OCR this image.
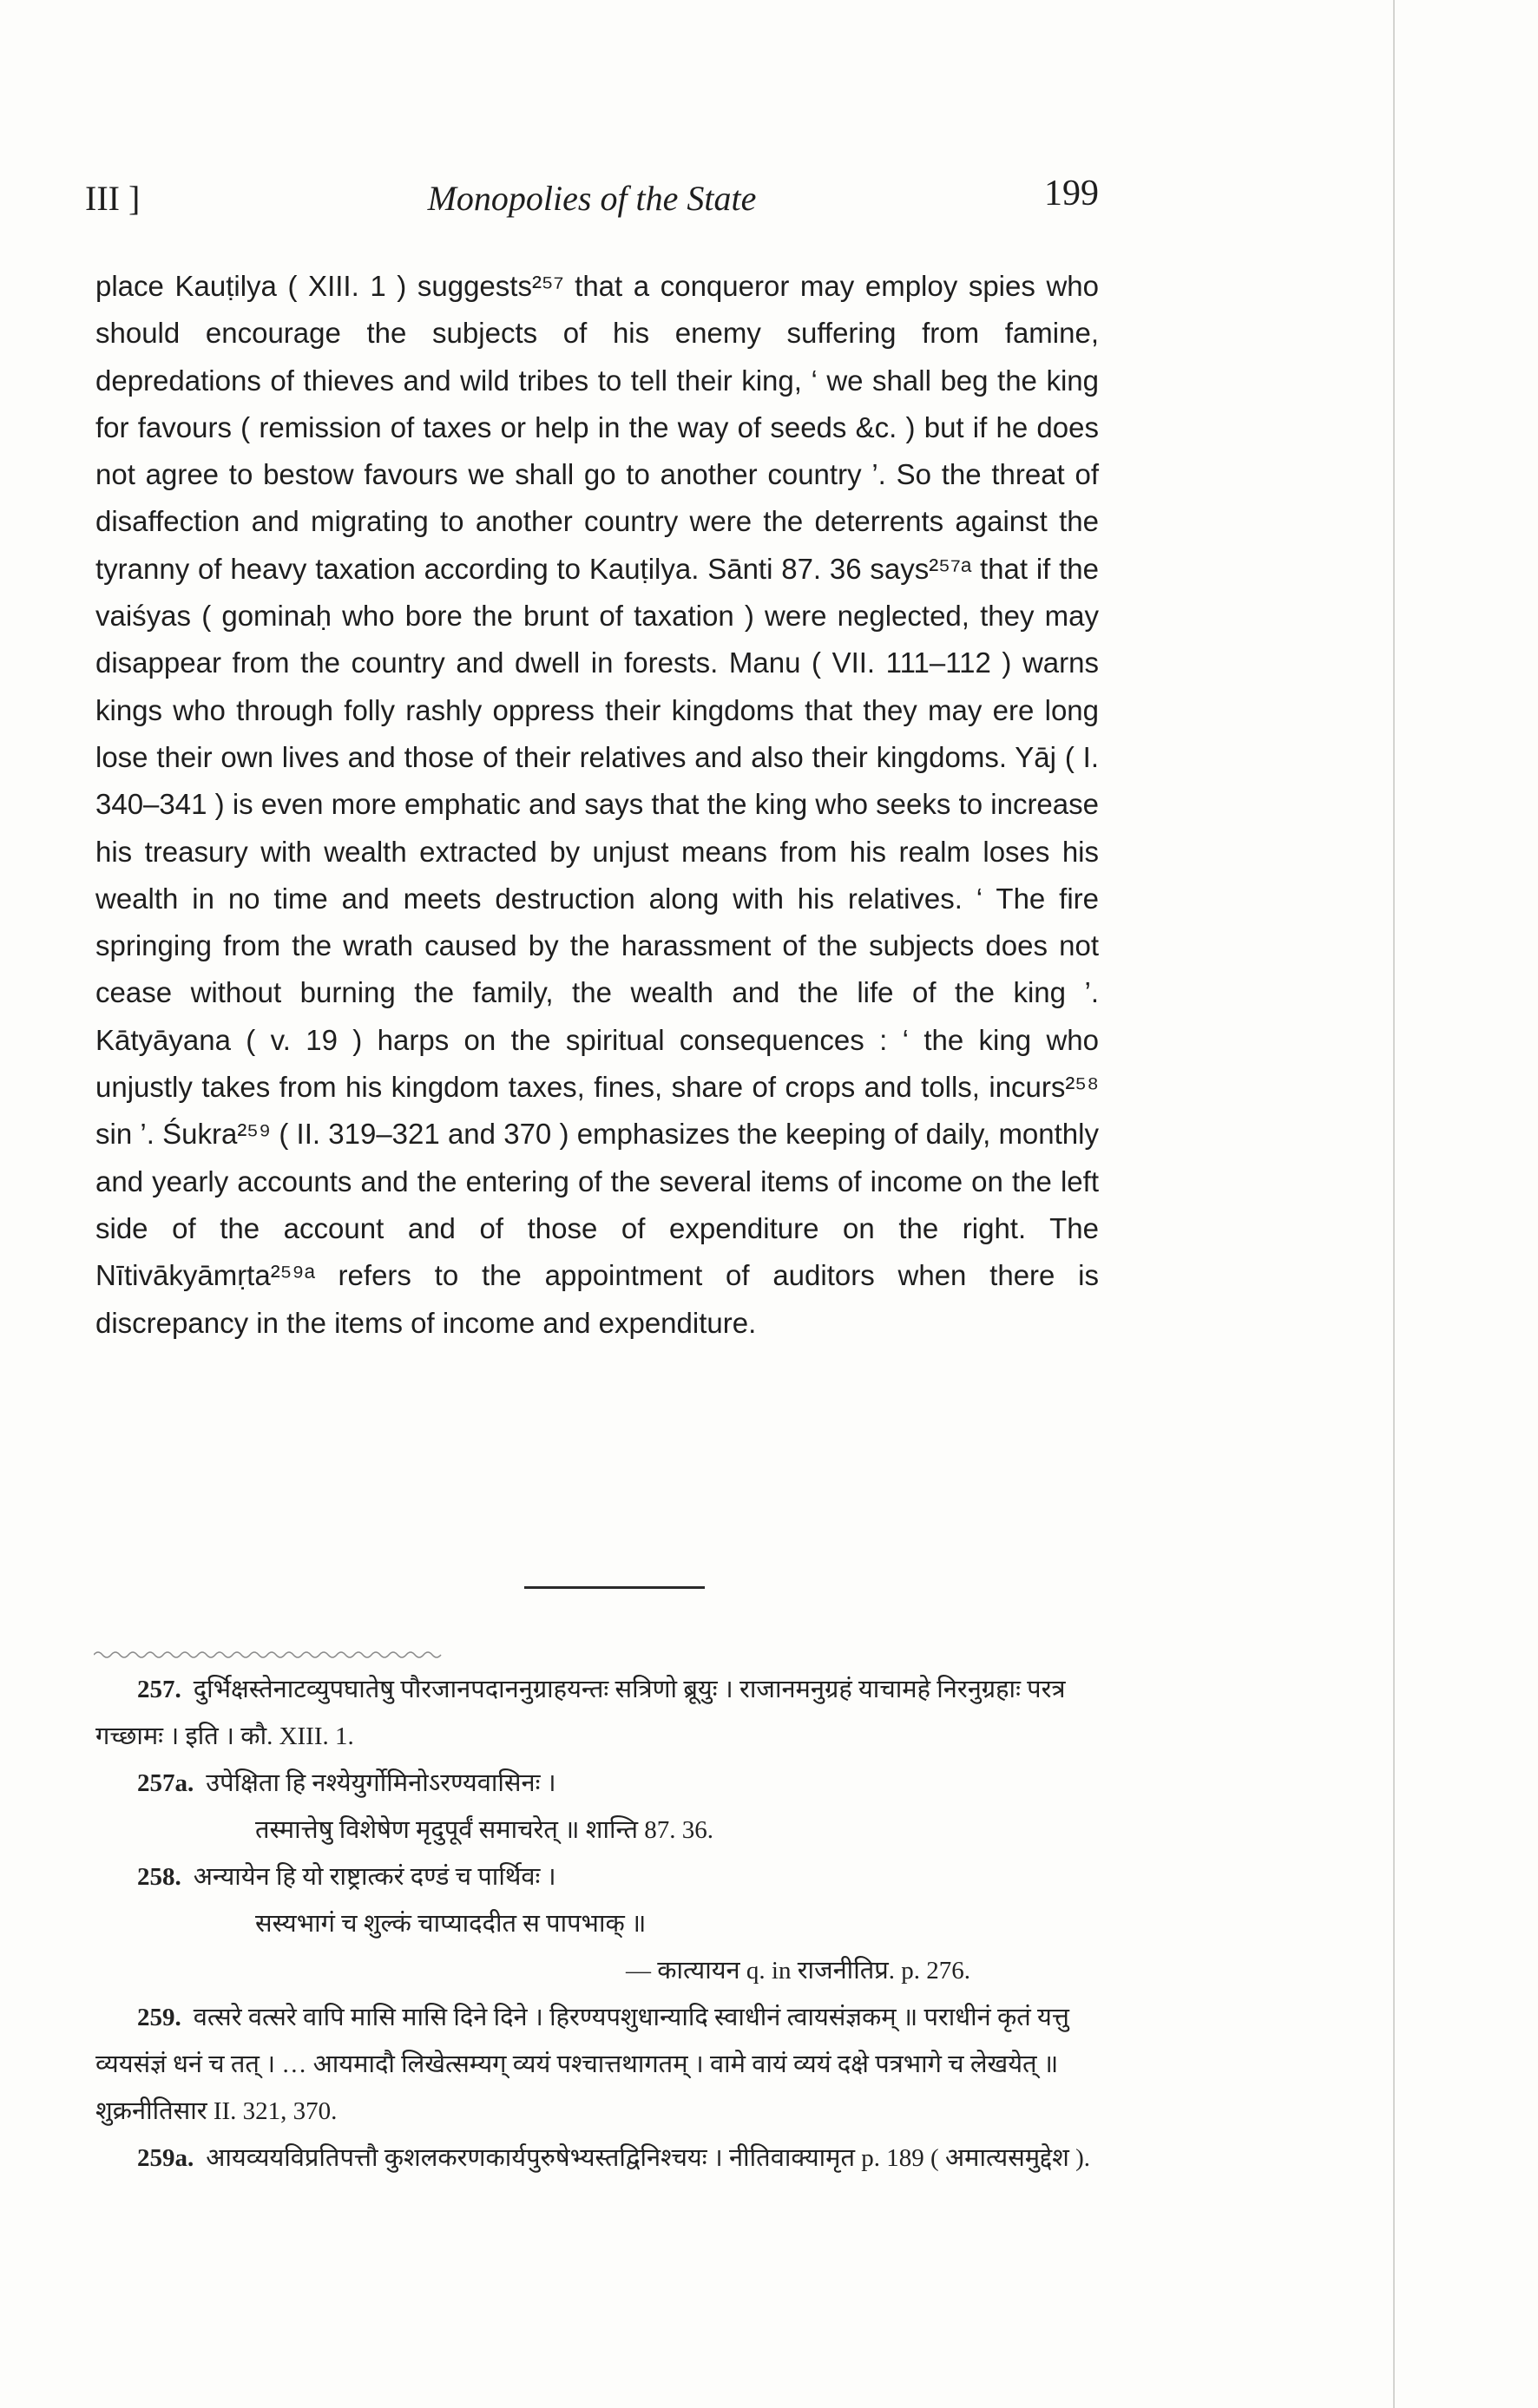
III ]	Monopolies of the State	199

place Kauṭilya ( XIII. 1 ) suggests²⁵⁷ that a conqueror may employ spies who should encourage the subjects of his enemy suffering from famine, depredations of thieves and wild tribes to tell their king, ‘ we shall beg the king for favours ( remission of taxes or help in the way of seeds &c. ) but if he does not agree to bestow favours we shall go to another country ’. So the threat of disaffection and migrating to another country were the deterrents against the tyranny of heavy taxation according to Kauṭilya. Sānti 87. 36 says²⁵⁷ᵃ that if the vaiśyas ( gominaḥ who bore the brunt of taxation ) were neglected, they may disappear from the country and dwell in forests. Manu ( VII. 111–112 ) warns kings who through folly rashly oppress their kingdoms that they may ere long lose their own lives and those of their relatives and also their kingdoms. Yāj ( I. 340–341 ) is even more emphatic and says that the king who seeks to increase his treasury with wealth extracted by unjust means from his realm loses his wealth in no time and meets destruction along with his relatives. ‘ The fire springing from the wrath caused by the harassment of the subjects does not cease without burning the family, the wealth and the life of the king ’. Kātyāyana ( v. 19 ) harps on the spiritual consequences : ‘ the king who unjustly takes from his kingdom taxes, fines, share of crops and tolls, incurs²⁵⁸ sin ’. Śukra²⁵⁹ ( II. 319–321 and 370 ) emphasizes the keeping of daily, monthly and yearly accounts and the entering of the several items of income on the left side of the account and of those of expenditure on the right. The Nītivākyāmṛta²⁵⁹ᵃ refers to the appointment of auditors when there is discrepancy in the items of income and expenditure.

257. दुर्भिक्षस्तेनाटव्युपघातेषु पौरजानपदाननुग्राहयन्तः सत्रिणो ब्रूयुः । राजानमनुग्रहं याचामहे निरनुग्रहाः परत्र गच्छामः । इति । कौ. XIII. 1.

257a. उपेक्षिता हि नश्येयुर्गोमिनोऽरण्यवासिनः ।
तस्मात्तेषु विशेषेण मृदुपूर्वं समाचरेत् ॥ शान्ति 87. 36.
258. अन्यायेन हि यो राष्ट्रात्करं दण्डं च पार्थिवः ।
सस्यभागं च शुल्कं चाप्याददीत स पापभाक् ॥
— कात्यायन q. in राजनीतिप्र. p. 276.

259. वत्सरे वत्सरे वापि मासि मासि दिने दिने । हिरण्यपशुधान्यादि स्वाधीनं त्वायसंज्ञकम् ॥ पराधीनं कृतं यत्तु व्ययसंज्ञं धनं च तत् । … आयमादौ लिखेत्सम्यग् व्ययं पश्चात्तथागतम् । वामे वायं व्ययं दक्षे पत्रभागे च लेखयेत् ॥ शुक्रनीतिसार II. 321, 370.

259a. आयव्ययविप्रतिपत्तौ कुशलकरणकार्यपुरुषेभ्यस्तद्विनिश्चयः । नीतिवाक्यामृत p. 189 ( अमात्यसमुद्देश ).
